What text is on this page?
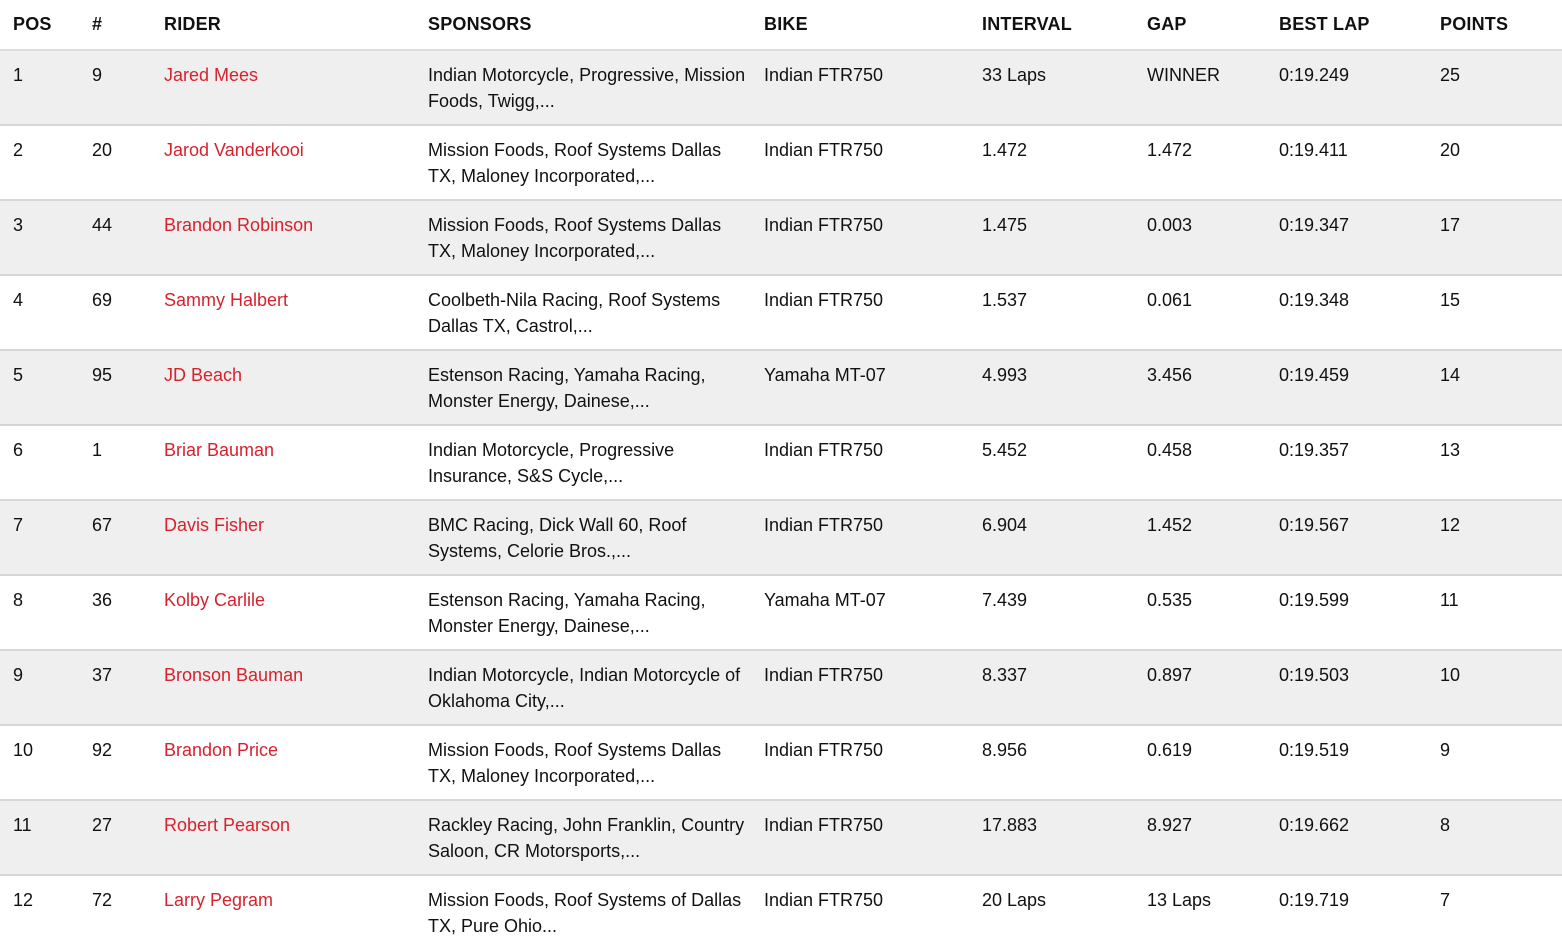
POS	#	RIDER	SPONSORS	BIKE	INTERVAL	GAP	BEST LAP	POINTS
1	9	Jared Mees	Indian Motorcycle, Progressive, Mission Foods, Twigg,...	Indian FTR750	33 Laps	WINNER	0:19.249	25
2	20	Jarod Vanderkooi	Mission Foods, Roof Systems Dallas TX, Maloney Incorporated,...	Indian FTR750	1.472	1.472	0:19.411	20
3	44	Brandon Robinson	Mission Foods, Roof Systems Dallas TX, Maloney Incorporated,...	Indian FTR750	1.475	0.003	0:19.347	17
4	69	Sammy Halbert	Coolbeth-Nila Racing, Roof Systems Dallas TX, Castrol,...	Indian FTR750	1.537	0.061	0:19.348	15
5	95	JD Beach	Estenson Racing, Yamaha Racing, Monster Energy, Dainese,...	Yamaha MT-07	4.993	3.456	0:19.459	14
6	1	Briar Bauman	Indian Motorcycle, Progressive Insurance, S&S Cycle,...	Indian FTR750	5.452	0.458	0:19.357	13
7	67	Davis Fisher	BMC Racing, Dick Wall 60, Roof Systems, Celorie Bros.,...	Indian FTR750	6.904	1.452	0:19.567	12
8	36	Kolby Carlile	Estenson Racing, Yamaha Racing, Monster Energy, Dainese,...	Yamaha MT-07	7.439	0.535	0:19.599	11
9	37	Bronson Bauman	Indian Motorcycle, Indian Motorcycle of Oklahoma City,...	Indian FTR750	8.337	0.897	0:19.503	10
10	92	Brandon Price	Mission Foods, Roof Systems Dallas TX, Maloney Incorporated,...	Indian FTR750	8.956	0.619	0:19.519	9
11	27	Robert Pearson	Rackley Racing, John Franklin, Country Saloon, CR Motorsports,...	Indian FTR750	17.883	8.927	0:19.662	8
12	72	Larry Pegram	Mission Foods, Roof Systems of Dallas TX, Pure Ohio...	Indian FTR750	20 Laps	13 Laps	0:19.719	7
